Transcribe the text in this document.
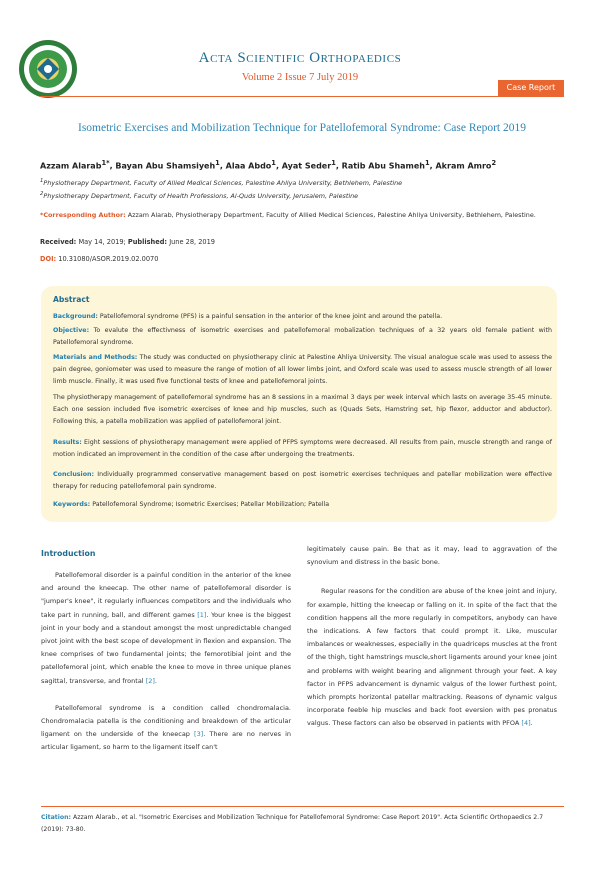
Acta Scientific Orthopaedics
Volume 2 Issue 7 July 2019
Case Report
Isometric Exercises and Mobilization Technique for Patellofemoral Syndrome: Case Report 2019
Azzam Alarab$^{1*}$, Bayan Abu Shamsiyeh$^1$, Alaa Abdo$^1$, Ayat Seder$^1$, Ratib Abu Shameh$^1$, Akram Amro$^2$
$^1$Physiotherapy Department, Faculty of Allied Medical Sciences, Palestine Ahliya University, Bethlehem, Palestine
$^2$Physiotherapy Department, Faculty of Health Professions, Al-Quds University, Jerusalem, Palestine
*Corresponding Author: Azzam Alarab, Physiotherapy Department, Faculty of Allied Medical Sciences, Palestine Ahliya University, Bethlehem, Palestine.
Received: May 14, 2019; Published: June 28, 2019
DOI: 10.31080/ASOR.2019.02.0070
Abstract
Background: Patellofemoral syndrome (PFS) is a painful sensation in the anterior of the knee joint and around the patella.
Objective: To evalute the effectivness of isometric exercises and patellofemoral mobalization techniques of a 32 years old female patient with Patellofemoral syndrome.
Materials and Methods: The study was conducted on physiotherapy clinic at Palestine Ahliya University. The visual analogue scale was used to assess the pain degree, goniometer was used to measure the range of motion of all lower limbs joint, and Oxford scale was used to assess muscle strength of all lower limb muscle. Finally, it was used five functional tests of knee and patellofemoral joints.
The physiotherapy management of patellofemoral syndrome has an 8 sessions in a maximal 3 days per week interval which lasts on average 35-45 minute. Each one session included five isometric exercises of knee and hip muscles, such as (Quads Sets, Hamstring set, hip flexor, adductor and abductor). Following this, a patella mobilization was applied of patellofemoral joint.
Results: Eight sessions of physiotherapy management were applied of PFPS symptoms were decreased. All results from pain, muscle strength and range of motion indicated an improvement in the condition of the case after undergoing the treatments.
Conclusion: Individually programmed conservative management based on post isometric exercises techniques and patellar mobilization were effective therapy for reducing patellofemoral pain syndrome.
Keywords: Patellofemoral Syndrome; Isometric Exercises; Patellar Mobilization; Patella
Introduction

Patellofemoral disorder is a painful condition in the anterior of the knee and around the kneecap. The other name of patellofemoral disorder is "jumper's knee", it regularly influences competitors and the individuals who take part in running, ball, and different games [1]. Your knee is the biggest joint in your body and a standout amongst the most unpredictable changed pivot joint with the best scope of development in flexion and expansion. The knee comprises of two fundamental joints; the femorotibial joint and the patellofemoral joint, which enable the knee to move in three unique planes sagittal, transverse, and frontal [2].

Patellofemoral syndrome is a condition called chondromalacia. Chondromalacia patella is the conditioning and breakdown of the articular ligament on the underside of the kneecap [3]. There are no nerves in articular ligament, so harm to the ligament itself can't

legitimately cause pain. Be that as it may, lead to aggravation of the synovium and distress in the basic bone.

Regular reasons for the condition are abuse of the knee joint and injury, for example, hitting the kneecap or falling on it. In spite of the fact that the condition happens all the more regularly in competitors, anybody can have the indications. A few factors that could prompt it. Like, muscular imbalances or weaknesses, especially in the quadriceps muscles at the front of the thigh, tight hamstrings muscle,short ligaments around your knee joint and problems with weight bearing and alignment through your feet. A key factor in PFPS advancement is dynamic valgus of the lower furthest point, which prompts horizontal patellar maltracking. Reasons of dynamic valgus incorporate feeble hip muscles and back foot eversion with pes pronatus valgus. These factors can also be observed in patients with PFOA [4].

Citation: Azzam Alarab., et al. "Isometric Exercises and Mobilization Technique for Patellofemoral Syndrome: Case Report 2019". Acta Scientific Orthopaedics 2.7 (2019): 73-80.
